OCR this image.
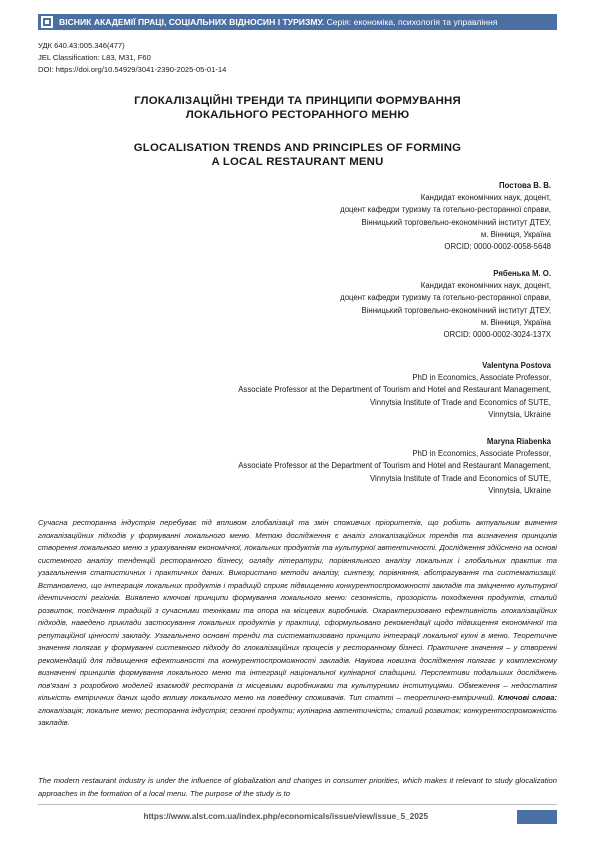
ВІСНИК АКАДЕМІЇ ПРАЦІ, СОЦІАЛЬНИХ ВІДНОСИН І ТУРИЗМУ. Серія: економіка, психологія та управління
УДК 640.43:005.346(477)
JEL Classification: L83, M31, F60
DOI: https://doi.org/10.54929/3041-2390-2025-05-01-14
ГЛОКАЛІЗАЦІЙНІ ТРЕНДИ ТА ПРИНЦИПИ ФОРМУВАННЯ
ЛОКАЛЬНОГО РЕСТОРАННОГО МЕНЮ
GLOCALISATION TRENDS AND PRINCIPLES OF FORMING
A LOCAL RESTAURANT MENU
Постова В. В.
Кандидат економічних наук, доцент,
доцент кафедри туризму та готельно-ресторанної справи,
Вінницький торговельно-економічний інститут ДТЕУ,
м. Вінниця, Україна
ORCID: 0000-0002-0058-5648
Рябенька М. О.
Кандидат економічних наук, доцент,
доцент кафедри туризму та готельно-ресторанної справи,
Вінницький торговельно-економічний інститут ДТЕУ,
м. Вінниця, Україна
ORCID: 0000-0002-3024-137X
Valentyna Postova
PhD in Economics, Associate Professor,
Associate Professor at the Department of Tourism and Hotel and Restaurant Management,
Vinnytsia Institute of Trade and Economics of SUTE,
Vinnytsia, Ukraine
Maryna Riabenka
PhD in Economics, Associate Professor,
Associate Professor at the Department of Tourism and Hotel and Restaurant Management,
Vinnytsia Institute of Trade and Economics of SUTE,
Vinnytsia, Ukraine
Сучасна ресторанна індустрія перебуває під впливом глобалізації та змін споживчих пріоритетів, що робить актуальним вивчення глокалізаційних підходів у формуванні локального меню. Метою дослідження є аналіз глокалізаційних трендів та визначення принципів створення локального меню з урахуванням економічної, локальних продуктів та культурної автентичності. Дослідження здійснено на основі системного аналізу тенденцій ресторанного бізнесу, огляду літератури, порівняльного аналізу локальних і глобальних практик та узагальнення статистичних і практичних даних. Використано методи аналізу, синтезу, порівняння, абстрагування та систематизації. Встановлено, що інтеграція локальних продуктів і традицій сприяє підвищенню конкурентоспроможності закладів та зміцненню культурної ідентичності регіонів. Виявлено ключові принципи формування локального меню: сезонність, прозорість походження продуктів, сталий розвиток, поєднання традицій з сучасними техніками та опора на місцевих виробників. Охарактеризовано ефективність глокалізаційних підходів, наведено приклади застосування локальних продуктів у практиці, сформульовано рекомендації щодо підвищення економічної та репутаційної цінності закладу. Узагальнено основні тренди та систематизовано принципи інтеграції локальної кухні в меню. Теоретичне значення полягає у формуванні системного підходу до глокалізаційних процесів у ресторанному бізнесі. Практичне значення – у створенні рекомендацій для підвищення ефективності та конкурентоспроможності закладів. Наукова новизна дослідження полягає у комплексному визначенні принципів формування локального меню та інтеграції національної кулінарної спадщини. Перспективи подальших досліджень пов'язані з розробкою моделей взаємодії ресторанів із місцевими виробниками та культурними інституціями. Обмеження – недостатня кількість емпіричних даних щодо впливу локального меню на поведінку споживачів. Тип статті – теоретично-емпіричний. Ключові слова: глокалізація; локальне меню; ресторанна індустрія; сезонні продукти; кулінарна автентичність; сталий розвиток; конкурентоспроможність закладів.
The modern restaurant industry is under the influence of globalization and changes in consumer priorities, which makes it relevant to study glocalization approaches in the formation of a local menu. The purpose of the study is to
https://www.alst.com.ua/index.php/economicals/issue/view/issue_5_2025
